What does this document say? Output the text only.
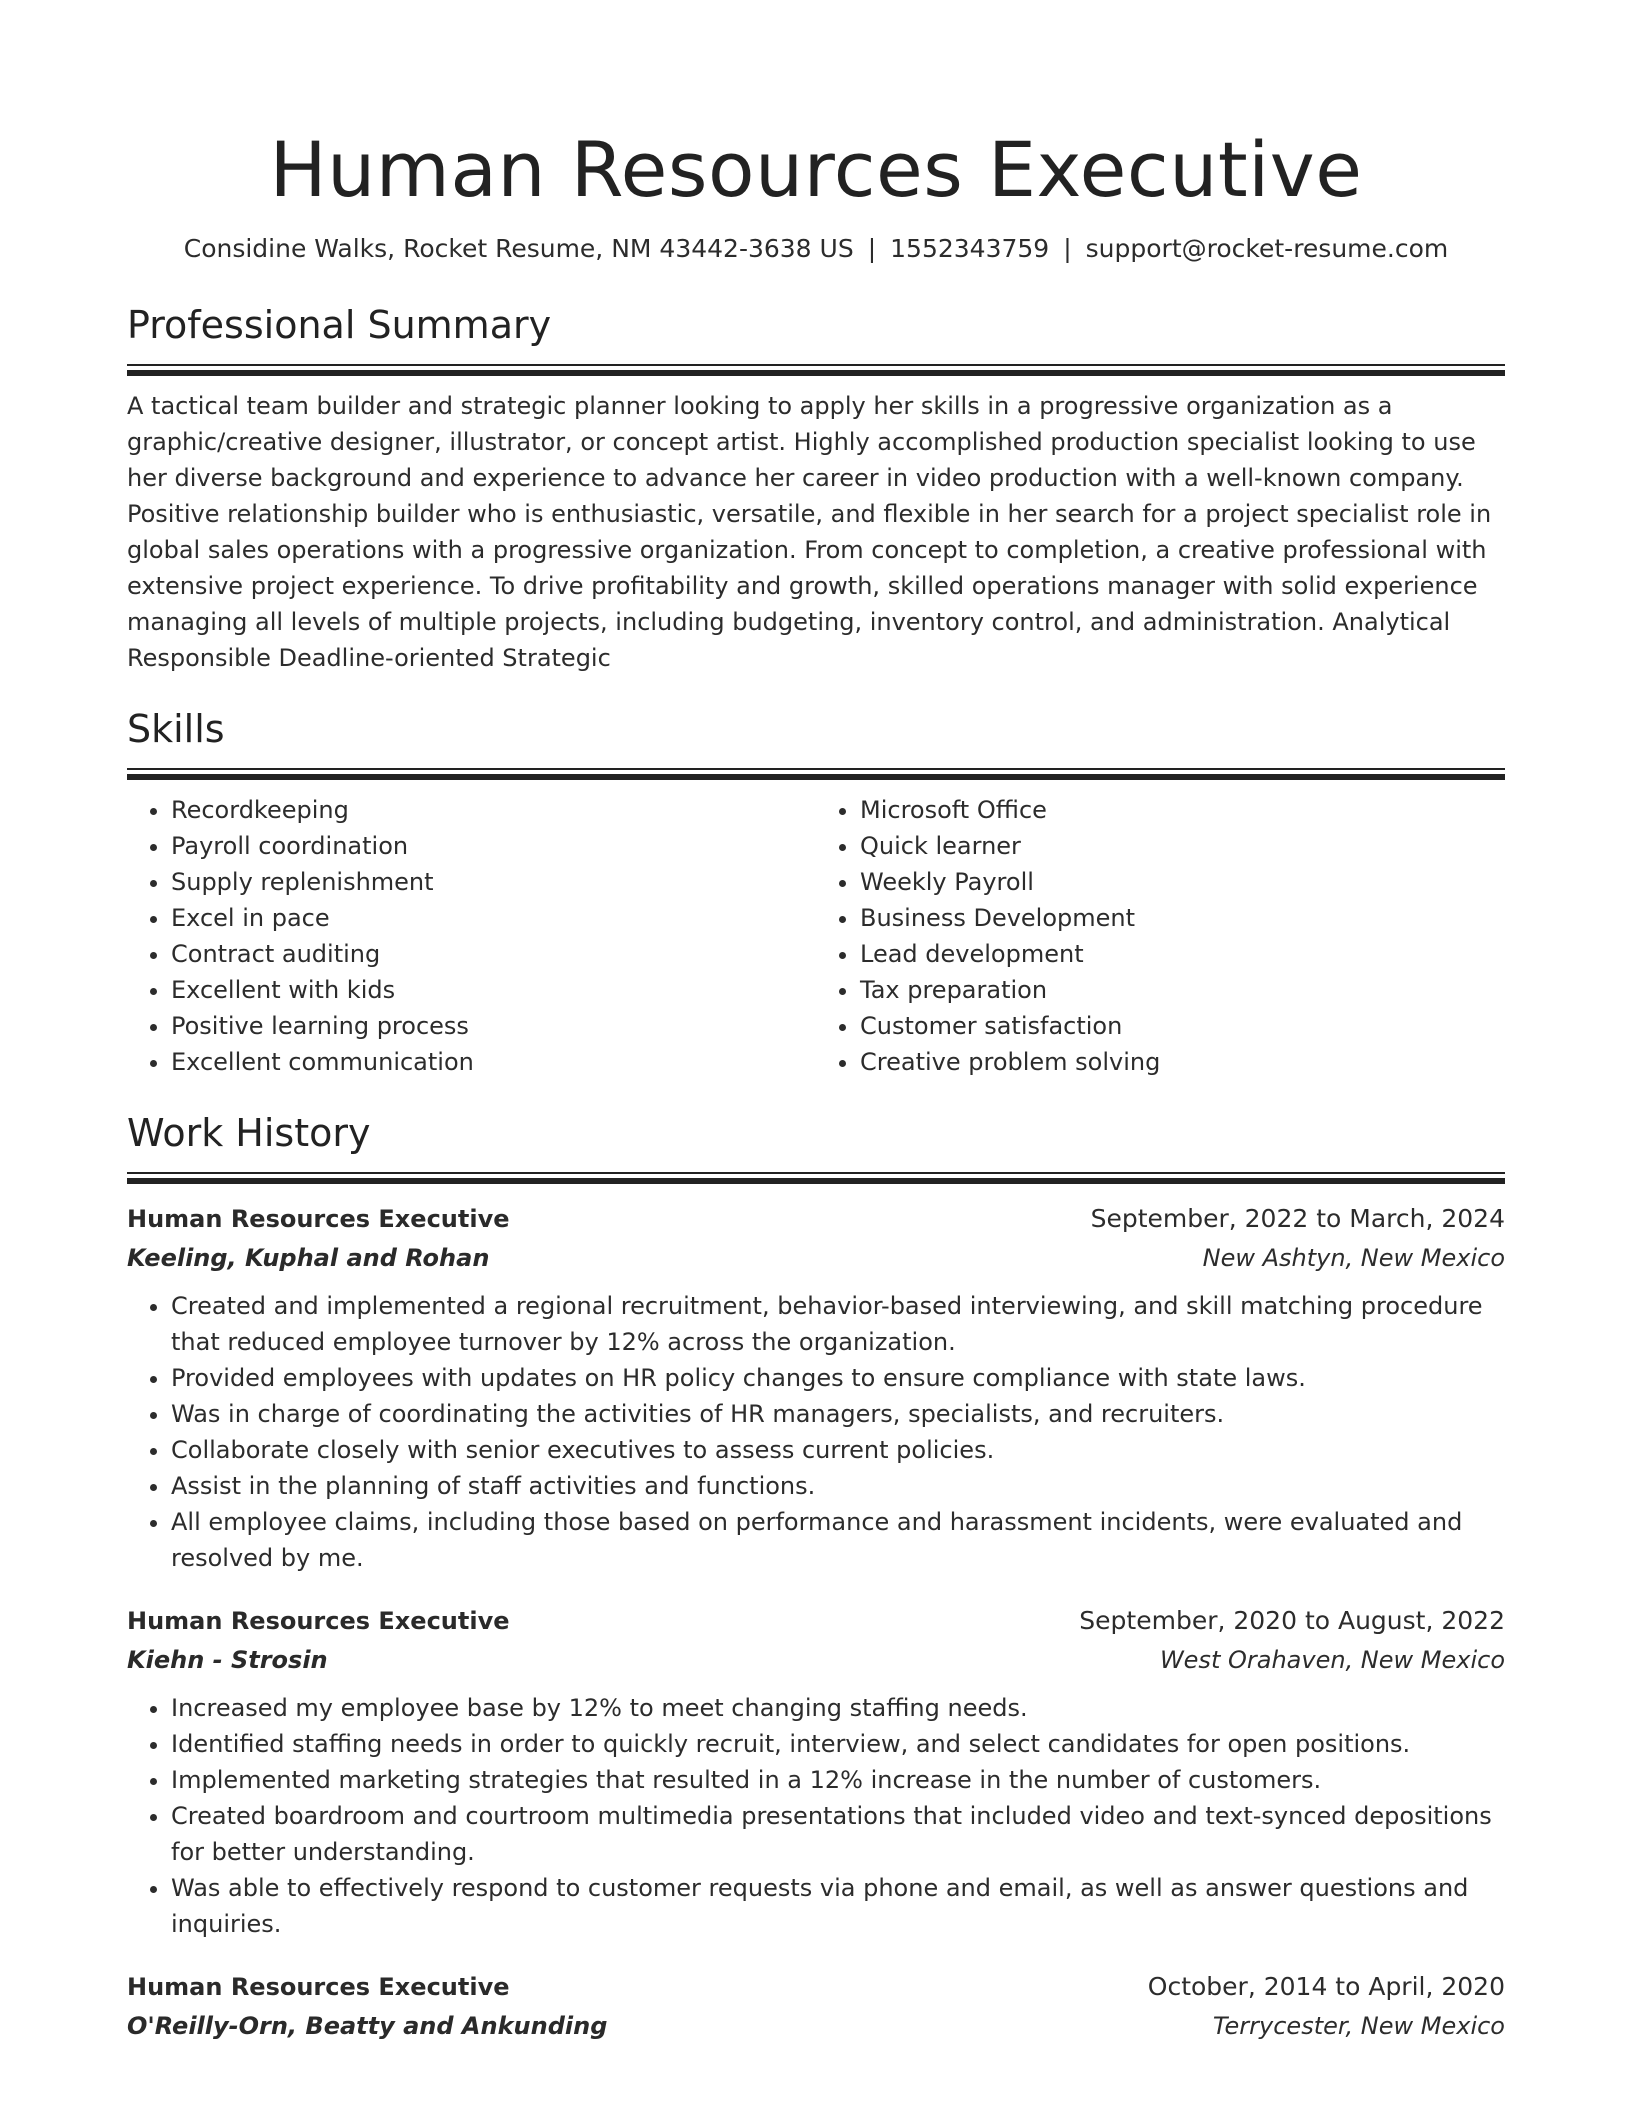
Human Resources Executive
Considine Walks, Rocket Resume, NM 43442-3638 US | 1552343759 | support@rocket-resume.com
Professional Summary

A tactical team builder and strategic planner looking to apply her skills in a progressive organization as a graphic/creative designer, illustrator, or concept artist. Highly accomplished production specialist looking to use her diverse background and experience to advance her career in video production with a well-known company. Positive relationship builder who is enthusiastic, versatile, and flexible in her search for a project specialist role in global sales operations with a progressive organization. From concept to completion, a creative professional with extensive project experience. To drive profitability and growth, skilled operations manager with solid experience managing all levels of multiple projects, including budgeting, inventory control, and administration. Analytical Responsible Deadline-oriented Strategic

Skills
• Recordkeeping
• Payroll coordination
• Supply replenishment
• Excel in pace
• Contract auditing
• Excellent with kids
• Positive learning process
• Excellent communication
• Microsoft Office
• Quick learner
• Weekly Payroll
• Business Development
• Lead development
• Tax preparation
• Customer satisfaction
• Creative problem solving
Work History
Human Resources Executive	September, 2022 to March, 2024
Keeling, Kuphal and Rohan	New Ashtyn, New Mexico
• Created and implemented a regional recruitment, behavior-based interviewing, and skill matching procedure that reduced employee turnover by 12% across the organization.
• Provided employees with updates on HR policy changes to ensure compliance with state laws.
• Was in charge of coordinating the activities of HR managers, specialists, and recruiters.
• Collaborate closely with senior executives to assess current policies.
• Assist in the planning of staff activities and functions.
• All employee claims, including those based on performance and harassment incidents, were evaluated and resolved by me.
Human Resources Executive	September, 2020 to August, 2022
Kiehn - Strosin	West Orahaven, New Mexico
• Increased my employee base by 12% to meet changing staffing needs.
• Identified staffing needs in order to quickly recruit, interview, and select candidates for open positions.
• Implemented marketing strategies that resulted in a 12% increase in the number of customers.
• Created boardroom and courtroom multimedia presentations that included video and text-synced depositions for better understanding.
• Was able to effectively respond to customer requests via phone and email, as well as answer questions and inquiries.
Human Resources Executive	October, 2014 to April, 2020
O'Reilly-Orn, Beatty and Ankunding	Terrycester, New Mexico
